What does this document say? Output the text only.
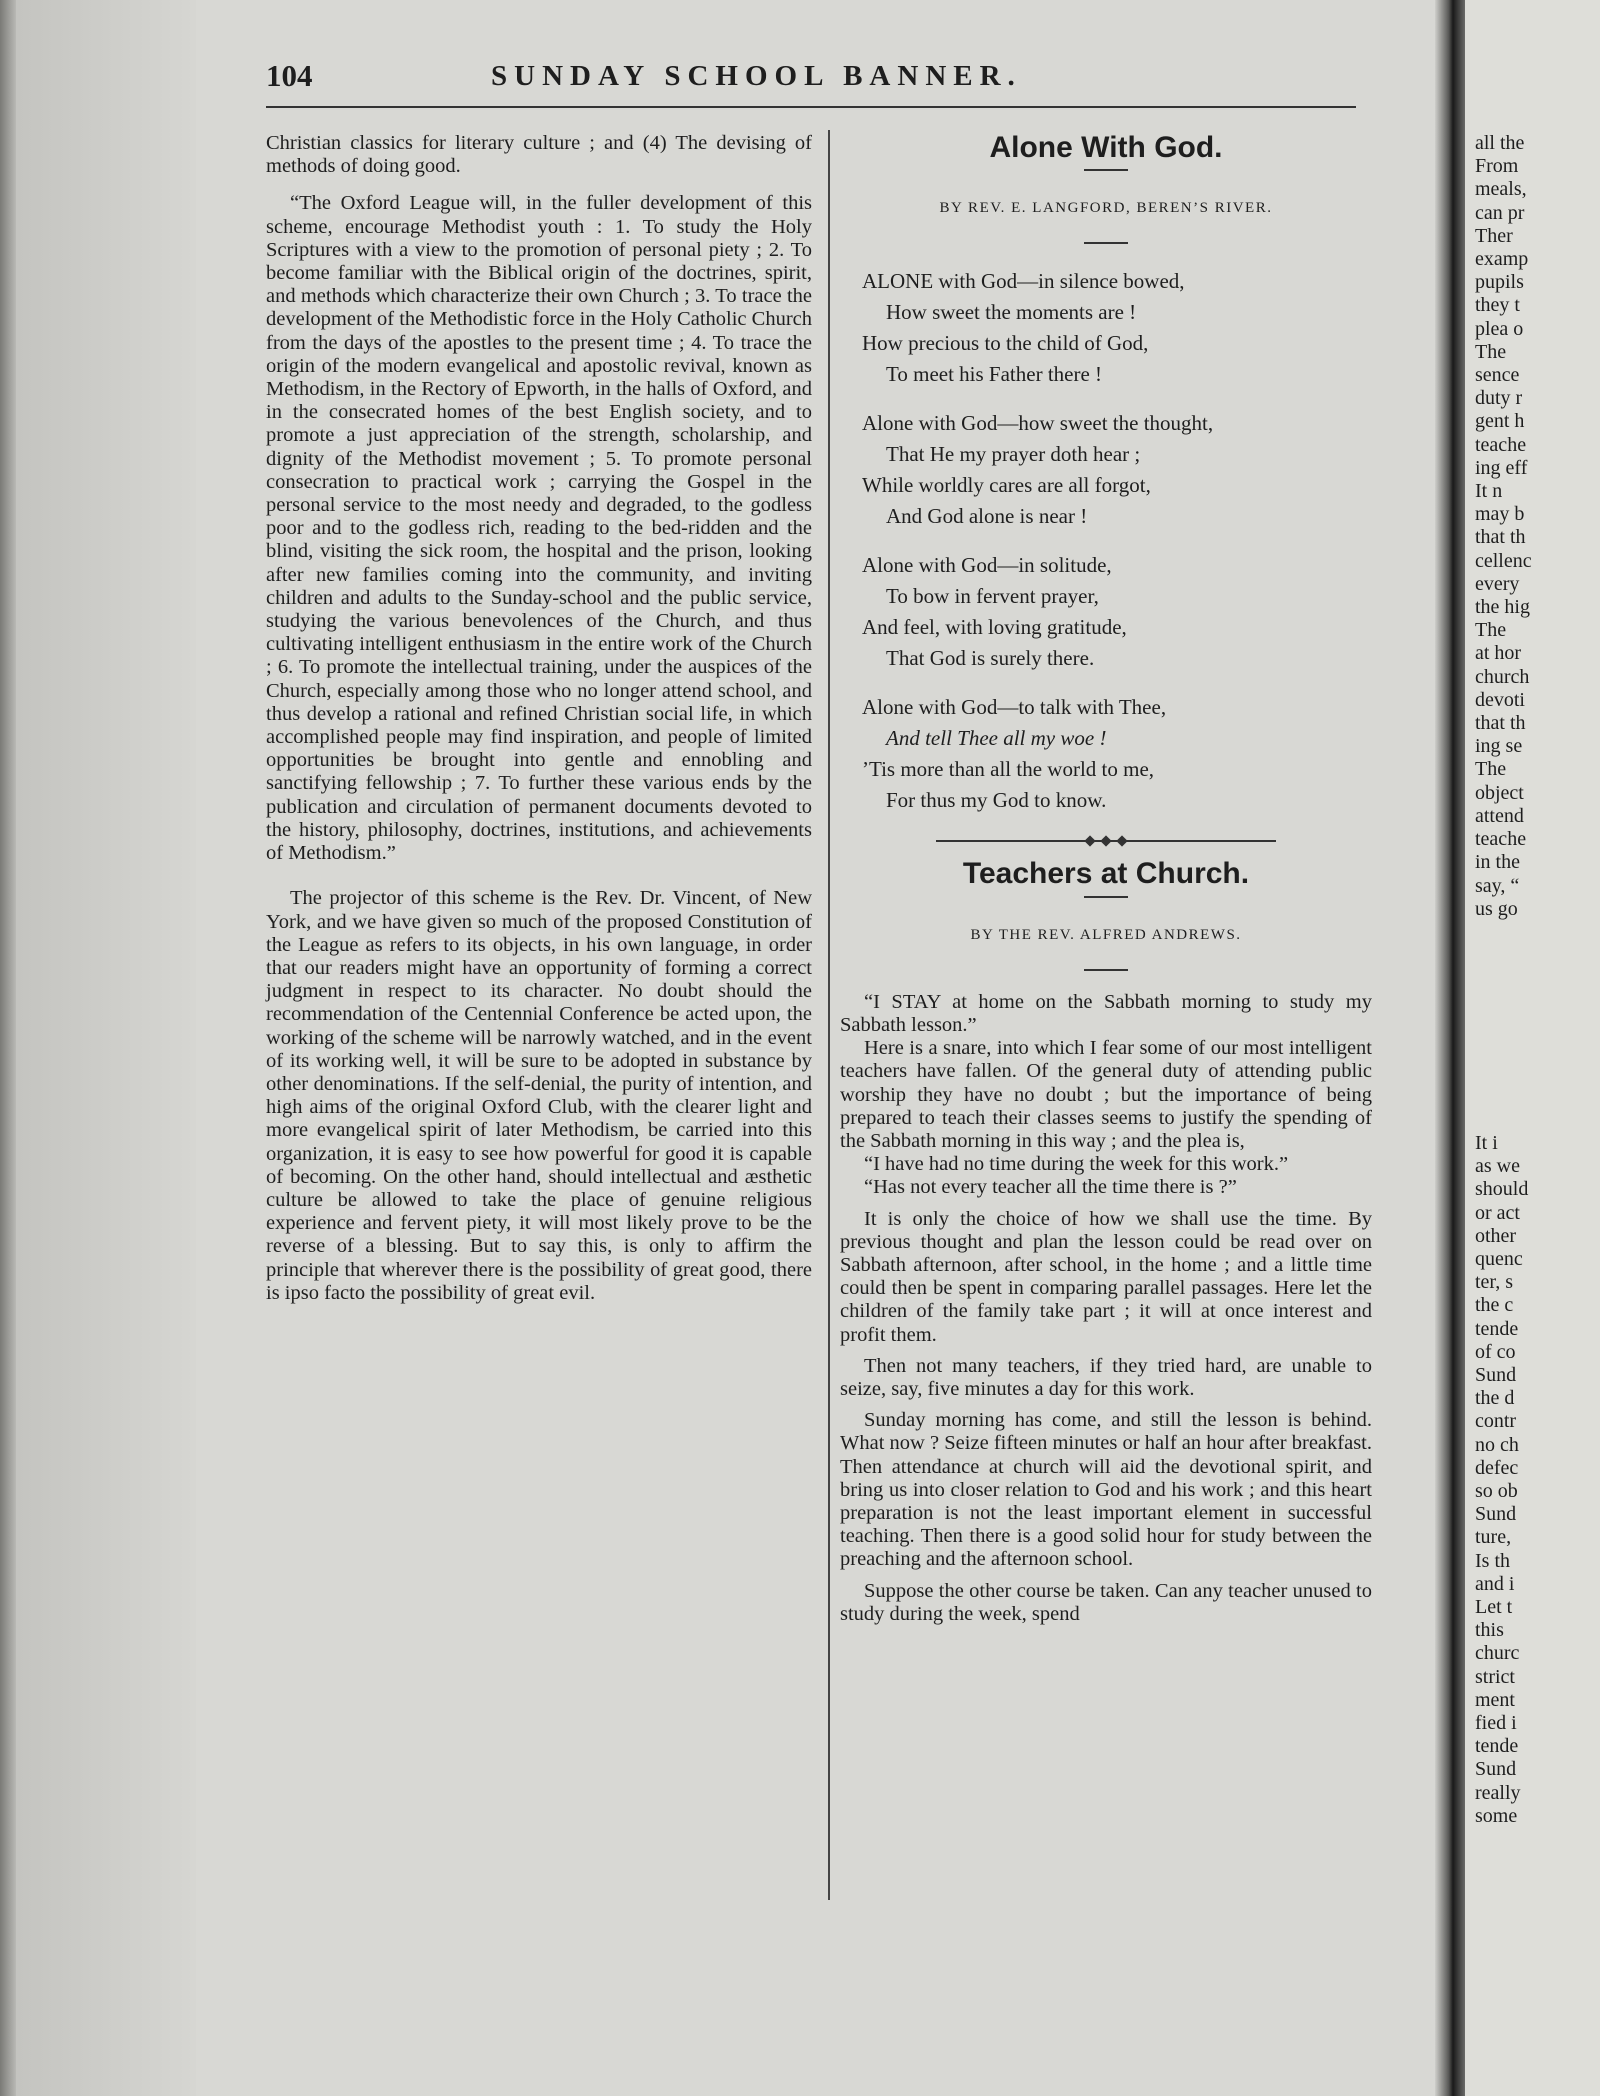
104	SUNDAY SCHOOL BANNER.

Christian classics for literary culture ; and (4) The devising of methods of doing good.

“The Oxford League will, in the fuller development of this scheme, encourage Methodist youth : 1. To study the Holy Scriptures with a view to the promotion of personal piety ; 2. To become familiar with the Biblical origin of the doctrines, spirit, and methods which characterize their own Church ; 3. To trace the development of the Methodistic force in the Holy Catholic Church from the days of the apostles to the present time ; 4. To trace the origin of the modern evangelical and apostolic revival, known as Methodism, in the Rectory of Epworth, in the halls of Oxford, and in the consecrated homes of the best English society, and to promote a just appreciation of the strength, scholarship, and dignity of the Methodist movement ; 5. To promote personal consecration to practical work ; carrying the Gospel in the personal service to the most needy and degraded, to the godless poor and to the godless rich, reading to the bed-ridden and the blind, visiting the sick room, the hospital and the prison, looking after new families coming into the community, and inviting children and adults to the Sunday-school and the public service, studying the various benevolences of the Church, and thus cultivating intelligent enthusiasm in the entire work of the Church ; 6. To promote the intellectual training, under the auspices of the Church, especially among those who no longer attend school, and thus develop a rational and refined Christian social life, in which accomplished people may find inspiration, and people of limited opportunities be brought into gentle and ennobling and sanctifying fellowship ; 7. To further these various ends by the publication and circulation of permanent documents devoted to the history, philosophy, doctrines, institutions, and achievements of Methodism.”

The projector of this scheme is the Rev. Dr. Vincent, of New York, and we have given so much of the proposed Constitution of the League as refers to its objects, in his own language, in order that our readers might have an opportunity of forming a correct judgment in respect to its character. No doubt should the recommendation of the Centennial Conference be acted upon, the working of the scheme will be narrowly watched, and in the event of its working well, it will be sure to be adopted in substance by other denominations. If the self-denial, the purity of intention, and high aims of the original Oxford Club, with the clearer light and more evangelical spirit of later Methodism, be carried into this organization, it is easy to see how powerful for good it is capable of becoming. On the other hand, should intellectual and æsthetic culture be allowed to take the place of genuine religious experience and fervent piety, it will most likely prove to be the reverse of a blessing. But to say this, is only to affirm the principle that wherever there is the possibility of great good, there is ipso facto the possibility of great evil.

Alone With God.
BY REV. E. LANGFORD, BEREN’S RIVER.
ALONE with God—in silence bowed,
How sweet the moments are !
How precious to the child of God,
To meet his Father there !
Alone with God—how sweet the thought,
That He my prayer doth hear ;
While worldly cares are all forgot,
And God alone is near !
Alone with God—in solitude,
To bow in fervent prayer,
And feel, with loving gratitude,
That God is surely there.
Alone with God—to talk with Thee,
And tell Thee all my woe !
’Tis more than all the world to me,
For thus my God to know.
Teachers at Church.
BY THE REV. ALFRED ANDREWS.

“I STAY at home on the Sabbath morning to study my Sabbath lesson.”

Here is a snare, into which I fear some of our most intelligent teachers have fallen. Of the general duty of attending public worship they have no doubt ; but the importance of being prepared to teach their classes seems to justify the spending of the Sabbath morning in this way ; and the plea is,

“I have had no time during the week for this work.”

“Has not every teacher all the time there is ?”

It is only the choice of how we shall use the time. By previous thought and plan the lesson could be read over on Sabbath afternoon, after school, in the home ; and a little time could then be spent in comparing parallel passages. Here let the children of the family take part ; it will at once interest and profit them.

Then not many teachers, if they tried hard, are unable to seize, say, five minutes a day for this work.

Sunday morning has come, and still the lesson is behind. What now ? Seize fifteen minutes or half an hour after breakfast. Then attendance at church will aid the devotional spirit, and bring us into closer relation to God and his work ; and this heart preparation is not the least important element in successful teaching. Then there is a good solid hour for study between the preaching and the afternoon school.

Suppose the other course be taken. Can any teacher unused to study during the week, spend

all the
From
meals,
can pr
Ther
examp
pupils
they t
plea o
The
sence
duty r
gent h
teache
ing eff
It n
may b
that th
cellenc
every
the hig
The
at hor
church
devoti
that th
ing se
The
object
attend
teache
in the
say, “
us go
It i
as we
should
or act
other
quenc
ter, s
the c
tende
of co
Sund
the d
contr
no ch
defec
so ob
Sund
ture,
Is th
and i
Let t
this
churc
strict
ment
fied i
tende
Sund
really
some
